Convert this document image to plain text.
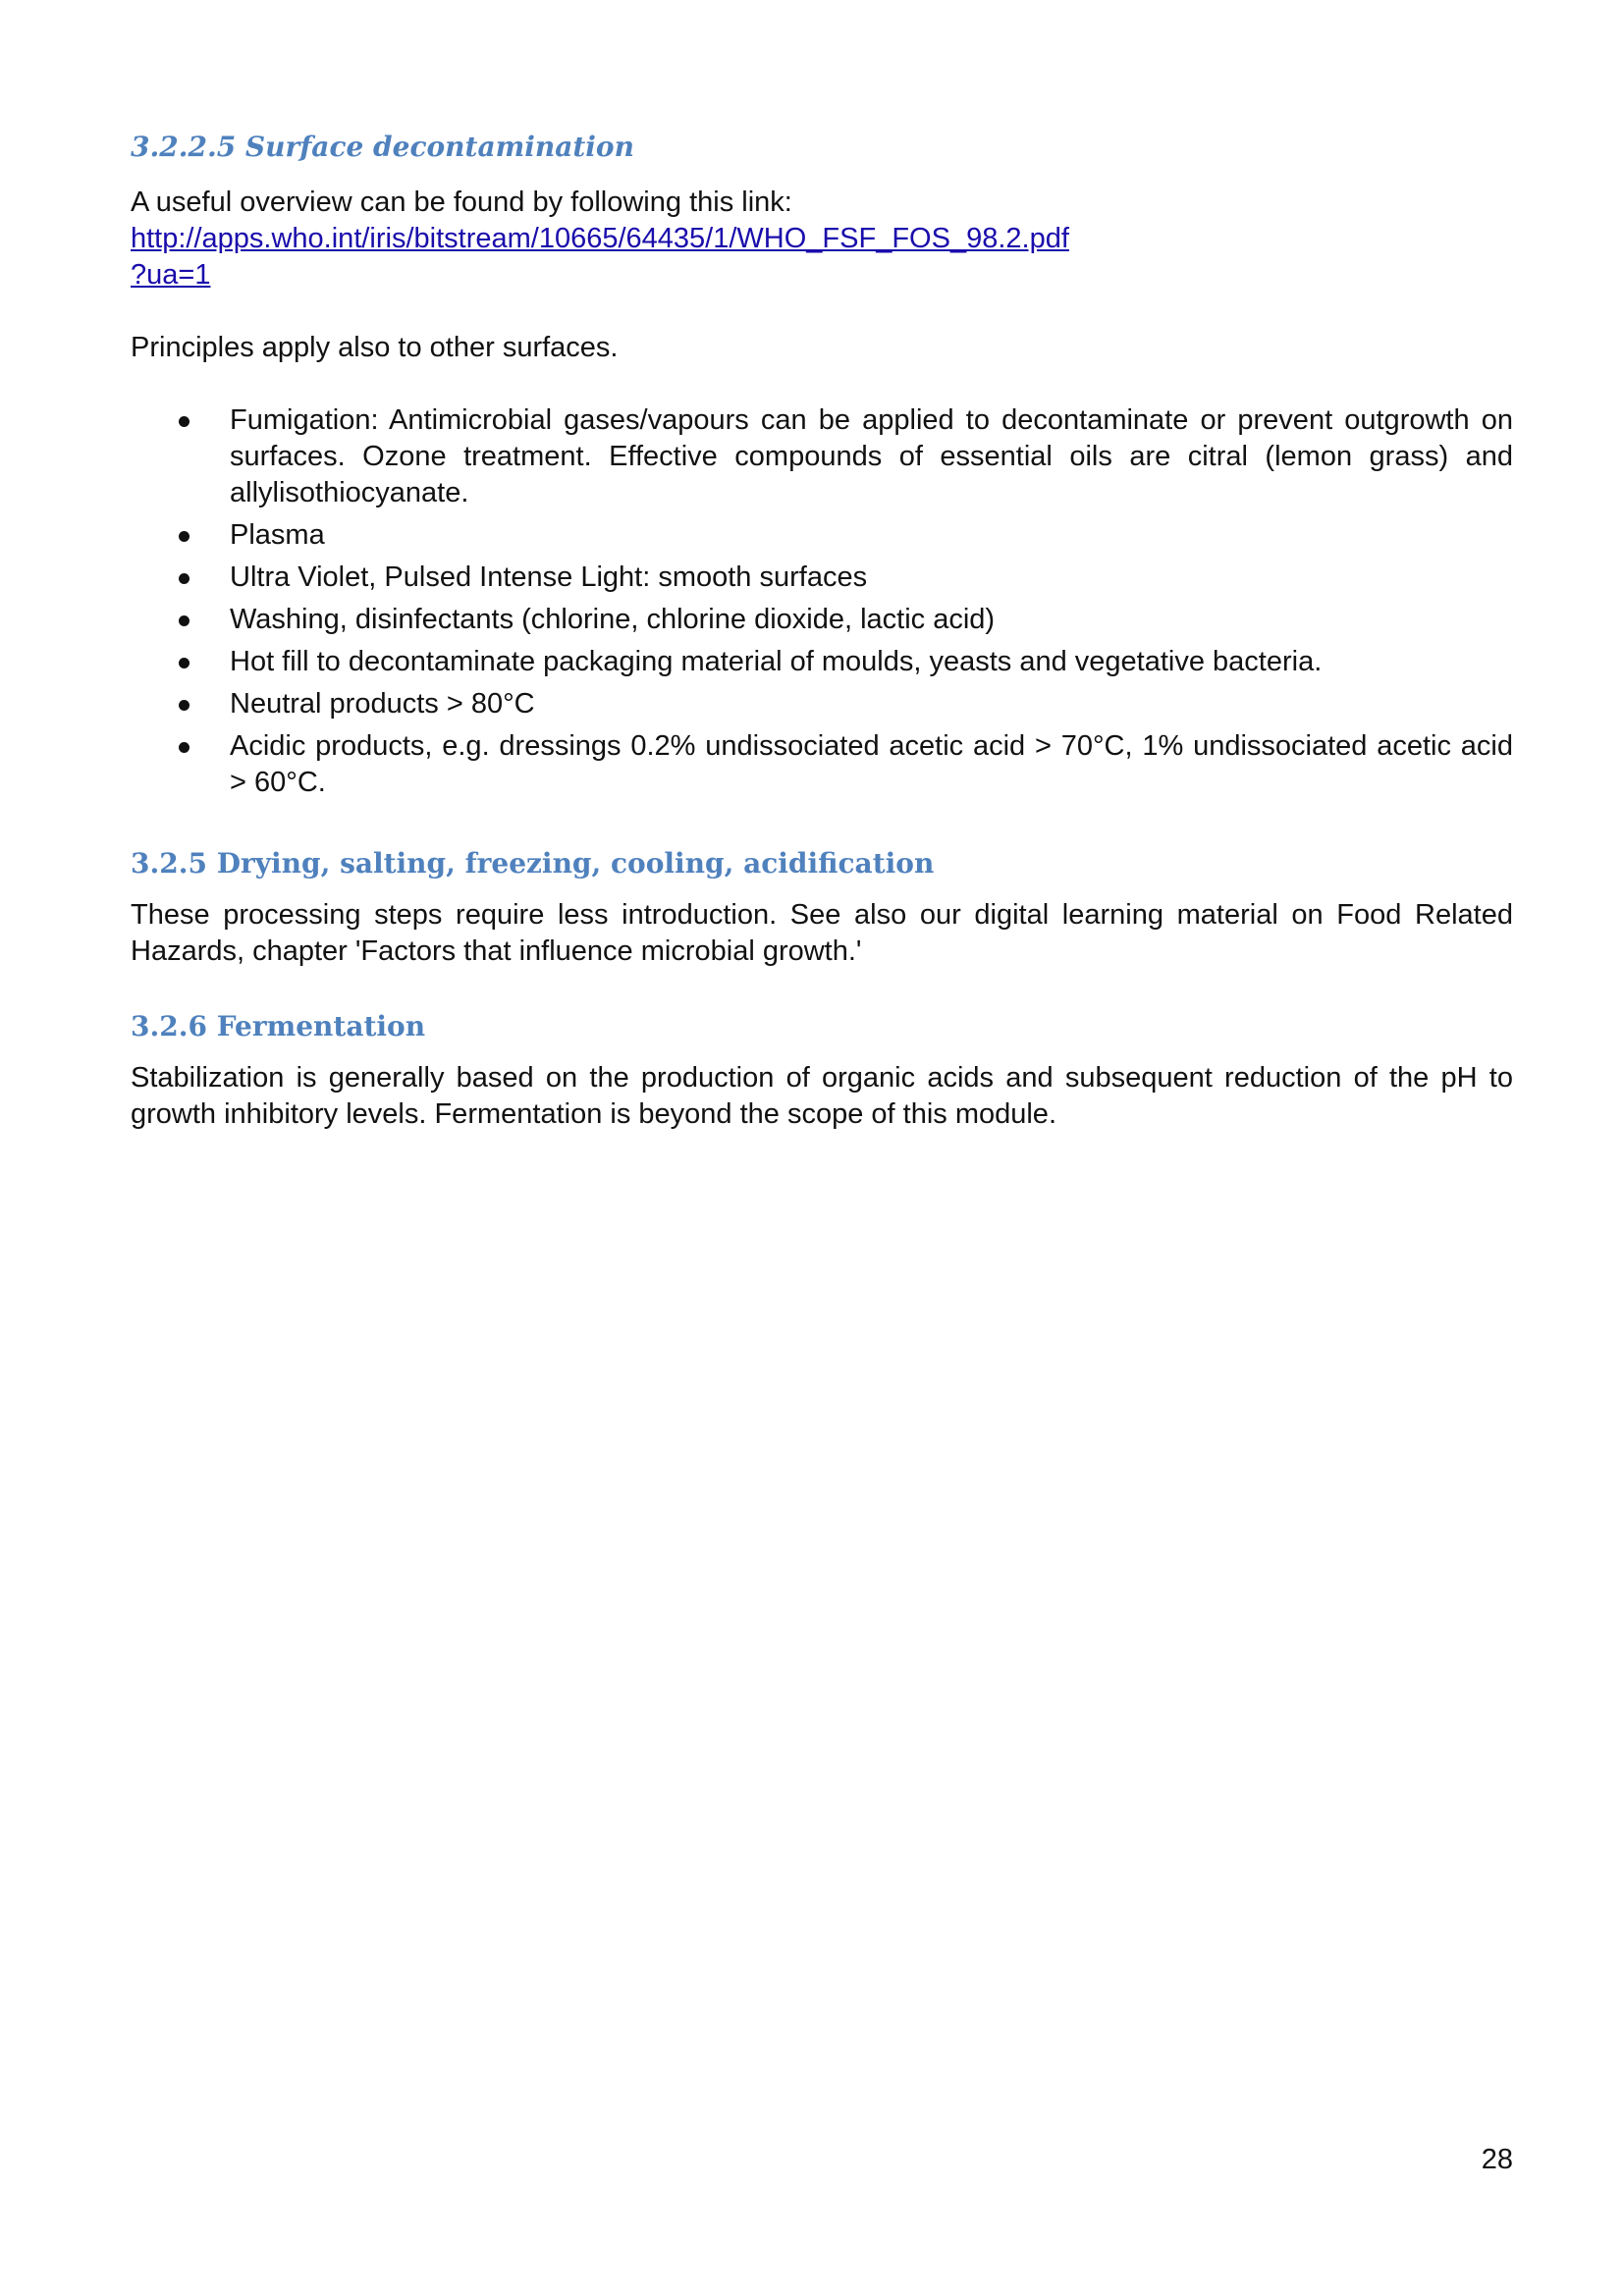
3.2.2.5 Surface decontamination

A useful overview can be found by following this link:

http://apps.who.int/iris/bitstream/10665/64435/1/WHO_FSF_FOS_98.2.pdf
?ua=1

Principles apply also to other surfaces.

Fumigation: Antimicrobial gases/vapours can be applied to decontaminate or prevent outgrowth on surfaces. Ozone treatment. Effective compounds of essential oils are citral (lemon grass) and allylisothiocyanate.
Plasma
Ultra Violet, Pulsed Intense Light: smooth surfaces
Washing, disinfectants (chlorine, chlorine dioxide, lactic acid)
Hot fill to decontaminate packaging material of moulds, yeasts and vegetative bacteria.
Neutral products > 80°C
Acidic products, e.g. dressings 0.2% undissociated acetic acid > 70°C, 1% undissociated acetic acid > 60°C.
3.2.5 Drying, salting, freezing, cooling, acidification

These processing steps require less introduction. See also our digital learning material on Food Related Hazards, chapter 'Factors that influence microbial growth.'

3.2.6 Fermentation

Stabilization is generally based on the production of organic acids and subsequent reduction of the pH to growth inhibitory levels. Fermentation is beyond the scope of this module.

28
